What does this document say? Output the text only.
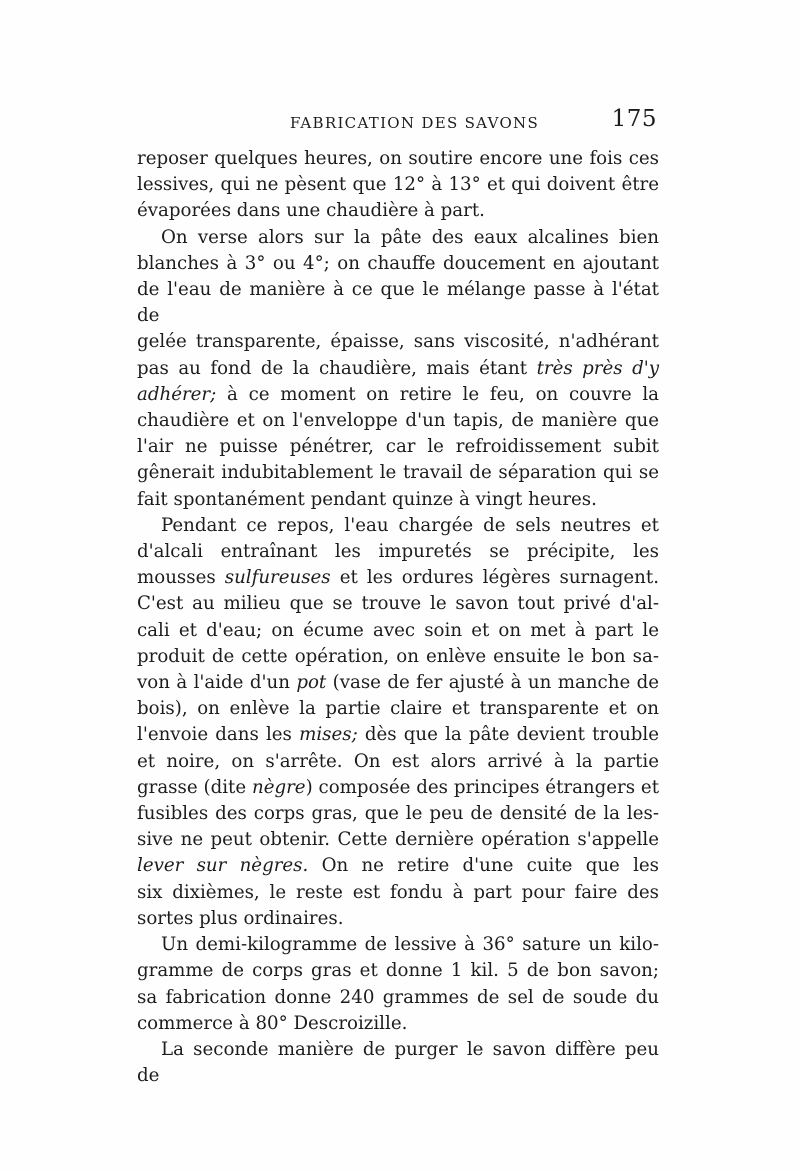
FABRICATION DES SAVONS	175

reposer quelques heures, on soutire encore une fois ces

lessives, qui ne pèsent que 12° à 13° et qui doivent être

évaporées dans une chaudière à part.

On verse alors sur la pâte des eaux alcalines bien

blanches à 3° ou 4°; on chauffe doucement en ajoutant

de l'eau de manière à ce que le mélange passe à l'état de

gelée transparente, épaisse, sans viscosité, n'adhérant

pas au fond de la chaudière, mais étant très près d'y

adhérer; à ce moment on retire le feu, on couvre la

chaudière et on l'enveloppe d'un tapis, de manière que

l'air ne puisse pénétrer, car le refroidissement subit

gênerait indubitablement le travail de séparation qui se

fait spontanément pendant quinze à vingt heures.

Pendant ce repos, l'eau chargée de sels neutres et

d'alcali entraînant les impuretés se précipite, les

mousses sulfureuses et les ordures légères surnagent.

C'est au milieu que se trouve le savon tout privé d'al-

cali et d'eau; on écume avec soin et on met à part le

produit de cette opération, on enlève ensuite le bon sa-

von à l'aide d'un pot (vase de fer ajusté à un manche de

bois), on enlève la partie claire et transparente et on

l'envoie dans les mises; dès que la pâte devient trouble

et noire, on s'arrête. On est alors arrivé à la partie

grasse (dite nègre) composée des principes étrangers et

fusibles des corps gras, que le peu de densité de la les-

sive ne peut obtenir. Cette dernière opération s'appelle

lever sur nègres. On ne retire d'une cuite que les

six dixièmes, le reste est fondu à part pour faire des

sortes plus ordinaires.

Un demi-kilogramme de lessive à 36° sature un kilo-

gramme de corps gras et donne 1 kil. 5 de bon savon;

sa fabrication donne 240 grammes de sel de soude du

commerce à 80° Descroizille.

La seconde manière de purger le savon diffère peu de
